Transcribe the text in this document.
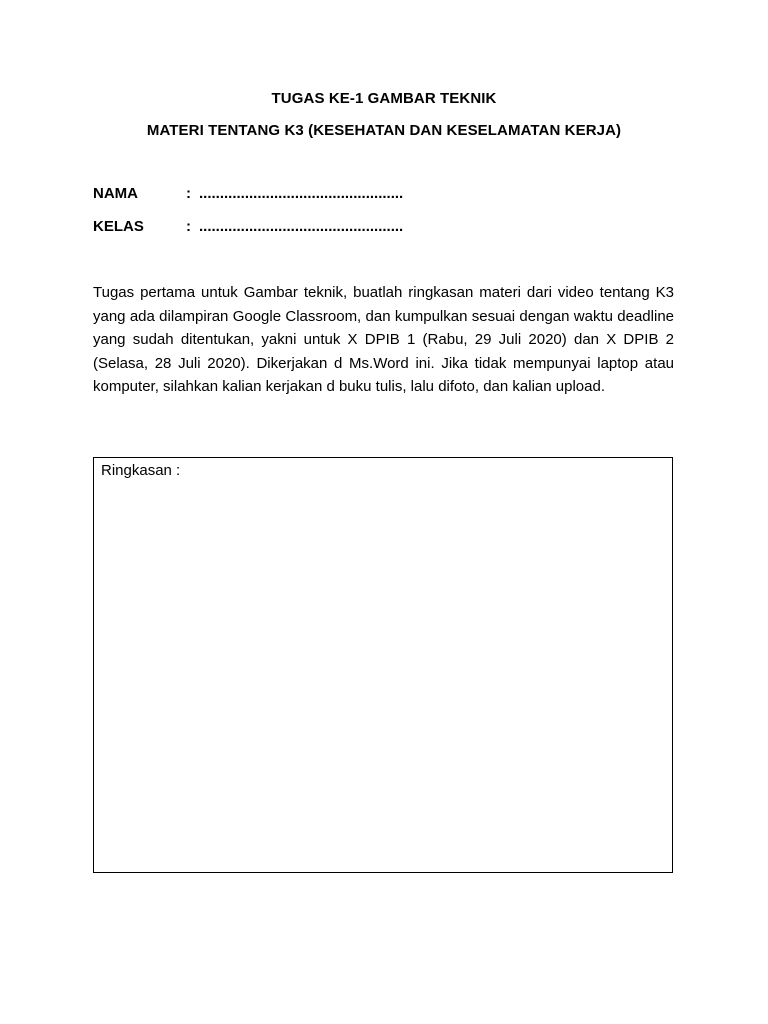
TUGAS KE-1 GAMBAR TEKNIK
MATERI TENTANG K3 (KESEHATAN DAN KESELAMATAN KERJA)
NAMA	: .................................................
KELAS	: .................................................
Tugas pertama untuk Gambar teknik, buatlah ringkasan materi dari video tentang K3 yang ada dilampiran Google Classroom, dan kumpulkan sesuai dengan waktu deadline yang sudah ditentukan, yakni untuk X DPIB 1 (Rabu, 29 Juli 2020) dan X DPIB 2 (Selasa, 28 Juli 2020). Dikerjakan d Ms.Word ini. Jika tidak mempunyai laptop atau komputer, silahkan kalian kerjakan d buku tulis, lalu difoto, dan kalian upload.
Ringkasan :
